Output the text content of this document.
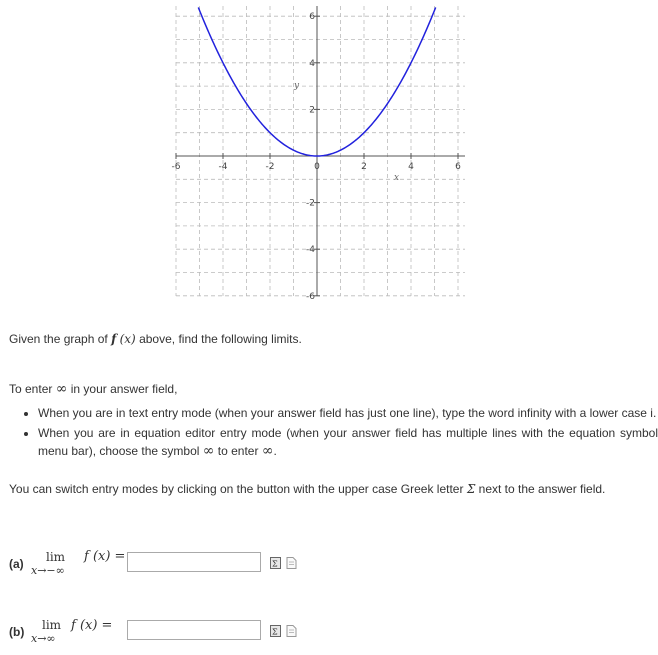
-6	-4	-2	0	2	4	6
6
4
2
-2
-4
-6
x
y
Given the graph of f (x) above, find the following limits.
To enter ∞ in your answer field,
• When you are in text entry mode (when your answer field has just one line), type the word infinity with a lower case i.
• When you are in equation editor entry mode (when your answer field has multiple lines with the equation symbol menu bar), choose the symbol ∞ to enter ∞.
You can switch entry modes by clicking on the button with the upper case Greek letter Σ next to the answer field.
(a) lim
x→−∞
f (x) =	Σ
(b) lim
x→∞
f (x) =	Σ
